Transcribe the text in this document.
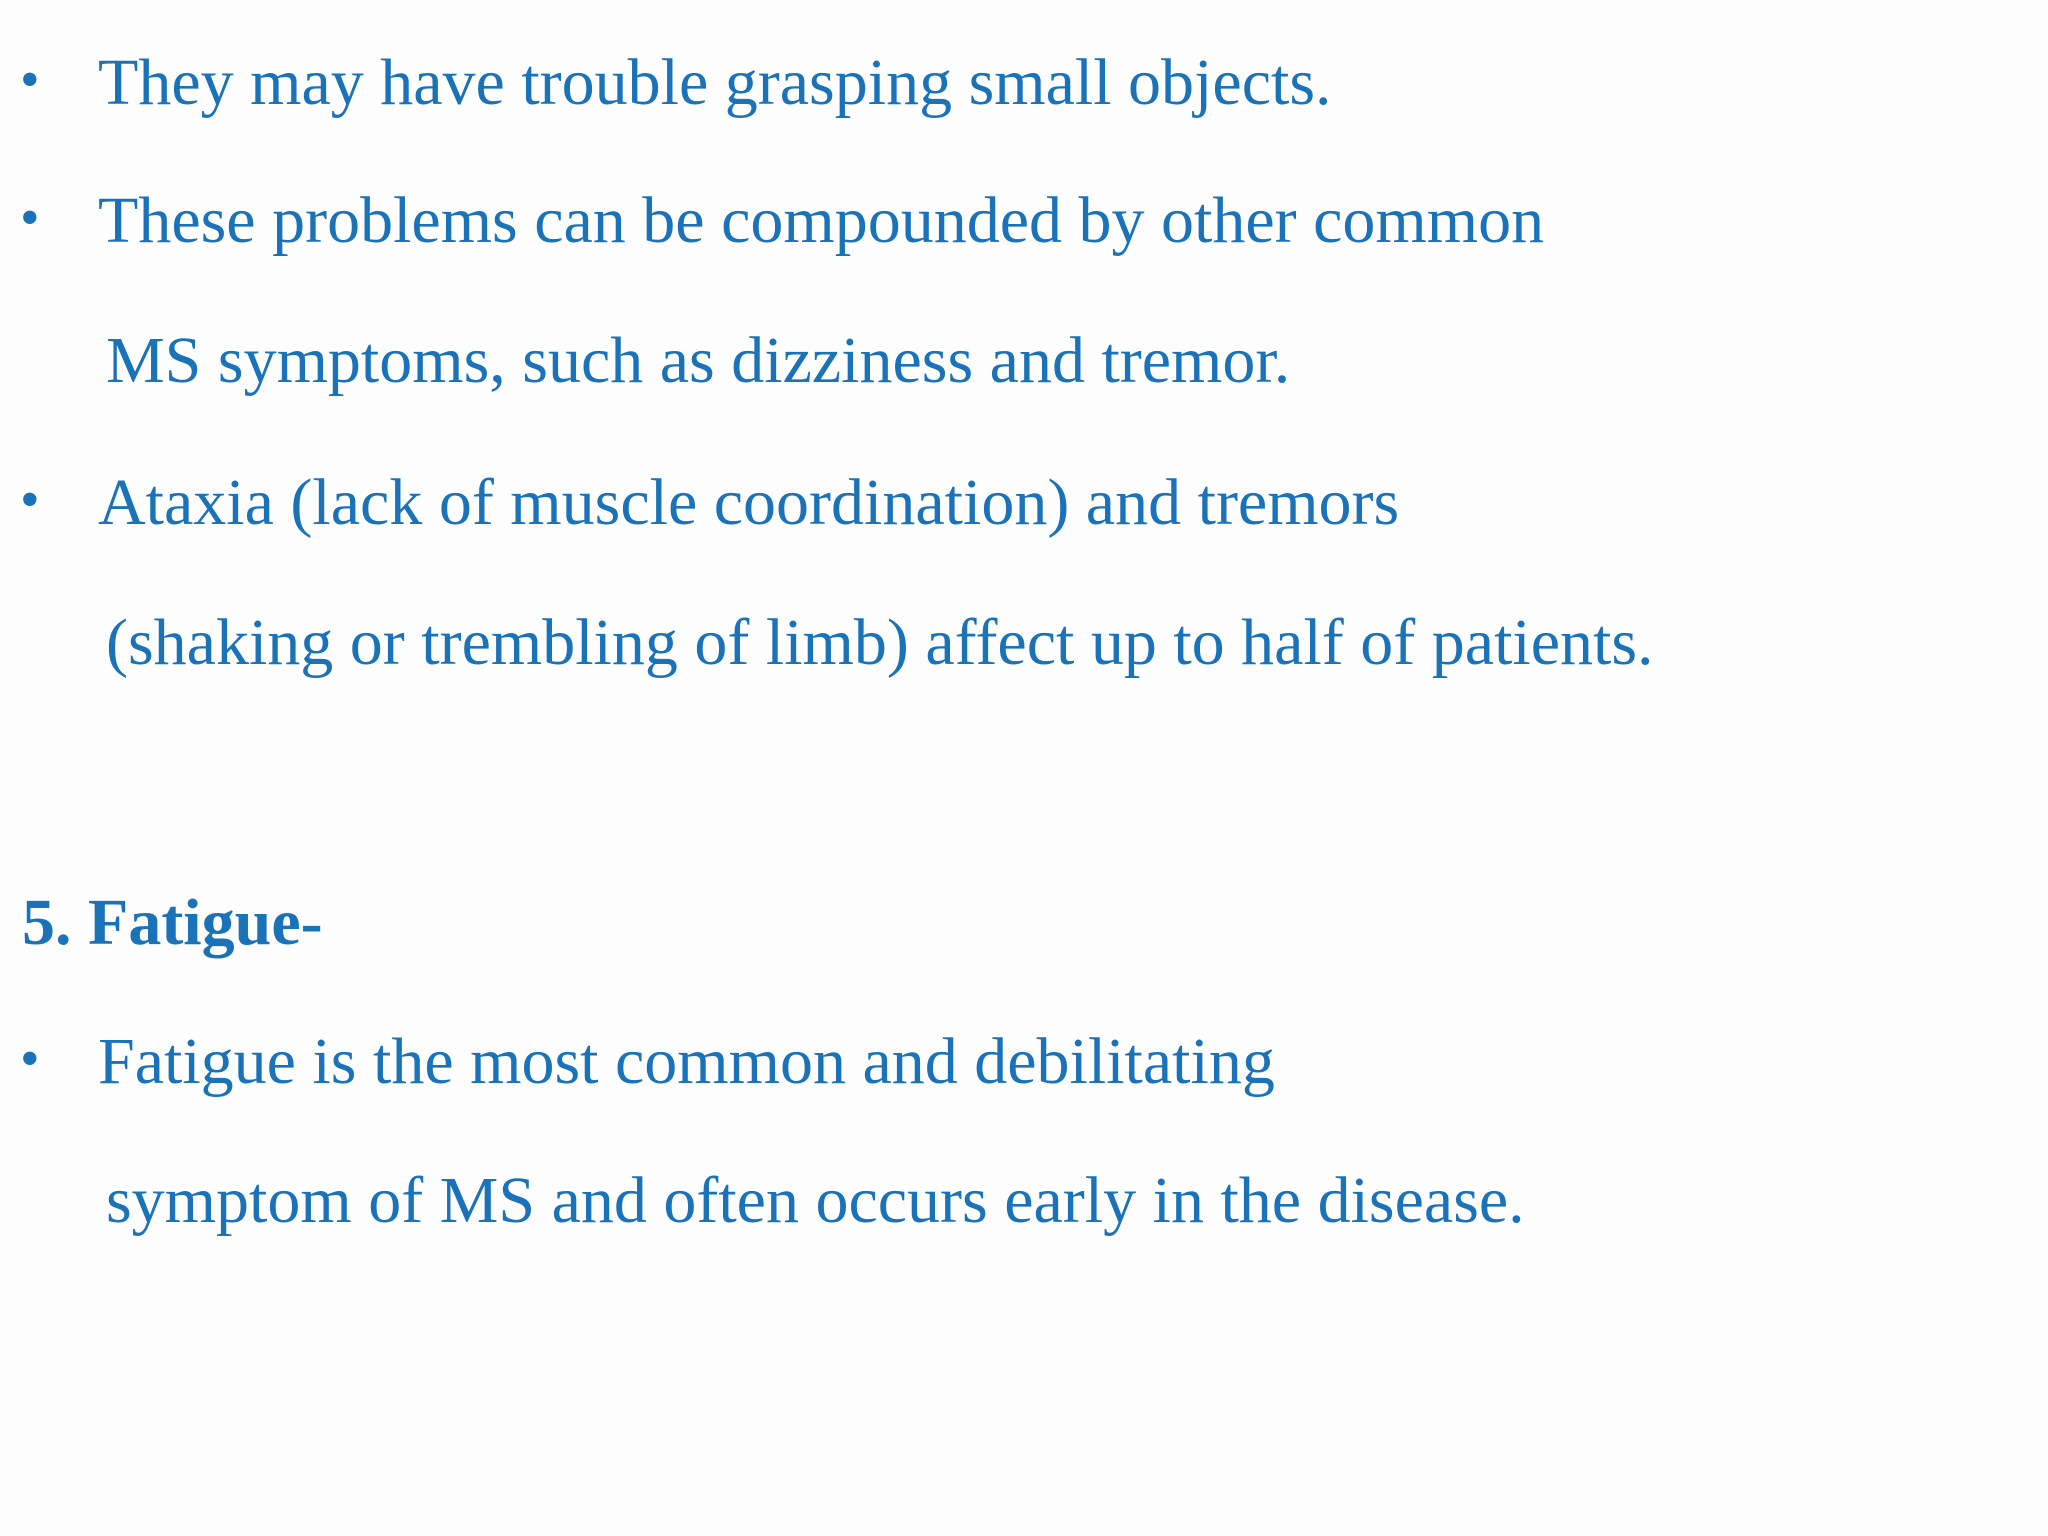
• They may have trouble grasping small objects.
• These problems can be compounded by other common
MS symptoms, such as dizziness and tremor.
• Ataxia (lack of muscle coordination) and tremors
(shaking or trembling of limb) affect up to half of patients.
5. Fatigue-
• Fatigue is the most common and debilitating
symptom of MS and often occurs early in the disease.
